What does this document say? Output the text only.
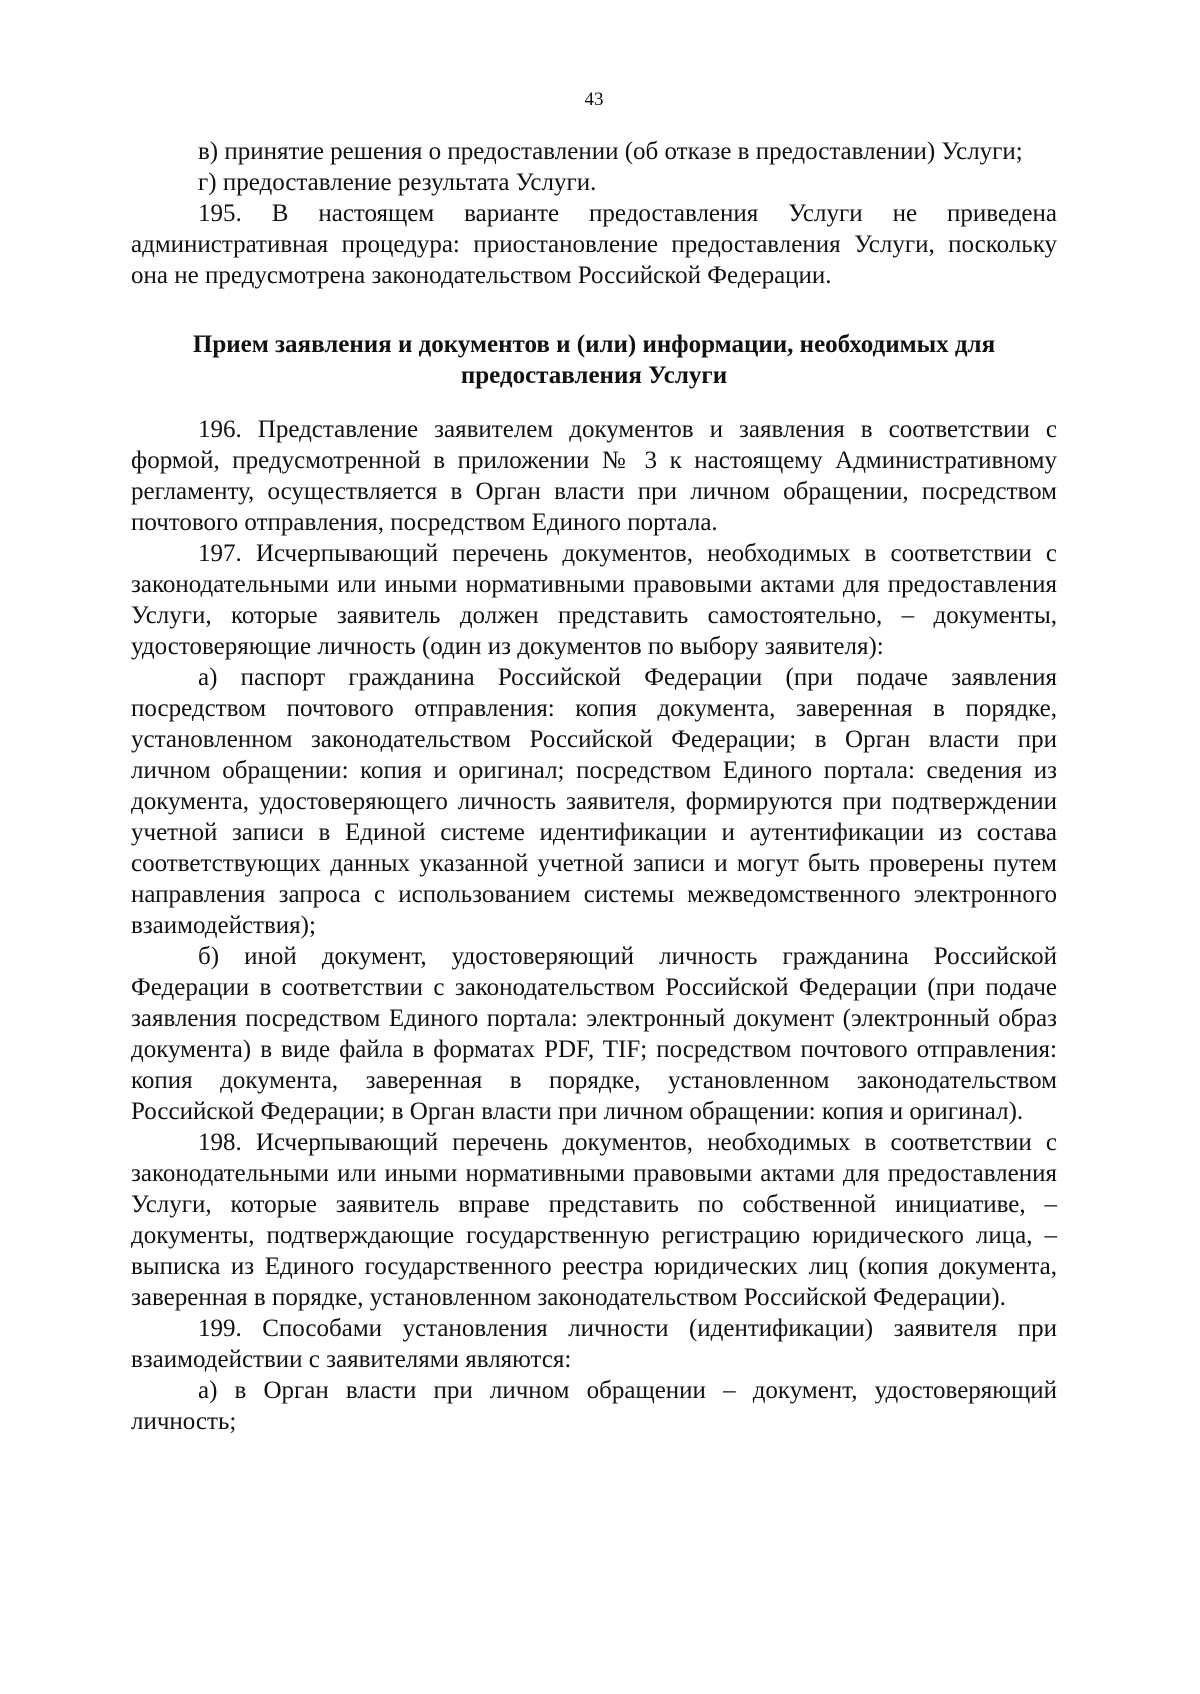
43

в) принятие решения о предоставлении (об отказе в предоставлении) Услуги;

г) предоставление результата Услуги.

195. В настоящем варианте предоставления Услуги не приведена административная процедура: приостановление предоставления Услуги, поскольку она не предусмотрена законодательством Российской Федерации.

Прием заявления и документов и (или) информации, необходимых для предоставления Услуги

196. Представление заявителем документов и заявления в соответствии с формой, предусмотренной в приложении № 3 к настоящему Административному регламенту, осуществляется в Орган власти при личном обращении, посредством почтового отправления, посредством Единого портала.

197. Исчерпывающий перечень документов, необходимых в соответствии с законодательными или иными нормативными правовыми актами для предоставления Услуги, которые заявитель должен представить самостоятельно, – документы, удостоверяющие личность (один из документов по выбору заявителя):

а) паспорт гражданина Российской Федерации (при подаче заявления посредством почтового отправления: копия документа, заверенная в порядке, установленном законодательством Российской Федерации; в Орган власти при личном обращении: копия и оригинал; посредством Единого портала: сведения из документа, удостоверяющего личность заявителя, формируются при подтверждении учетной записи в Единой системе идентификации и аутентификации из состава соответствующих данных указанной учетной записи и могут быть проверены путем направления запроса с использованием системы межведомственного электронного взаимодействия);

б) иной документ, удостоверяющий личность гражданина Российской Федерации в соответствии с законодательством Российской Федерации (при подаче заявления посредством Единого портала: электронный документ (электронный образ документа) в виде файла в форматах PDF, TIF; посредством почтового отправления: копия документа, заверенная в порядке, установленном законодательством Российской Федерации; в Орган власти при личном обращении: копия и оригинал).

198. Исчерпывающий перечень документов, необходимых в соответствии с законодательными или иными нормативными правовыми актами для предоставления Услуги, которые заявитель вправе представить по собственной инициативе, – документы, подтверждающие государственную регистрацию юридического лица, – выписка из Единого государственного реестра юридических лиц (копия документа, заверенная в порядке, установленном законодательством Российской Федерации).

199. Способами установления личности (идентификации) заявителя при взаимодействии с заявителями являются:

а) в Орган власти при личном обращении – документ, удостоверяющий личность;
